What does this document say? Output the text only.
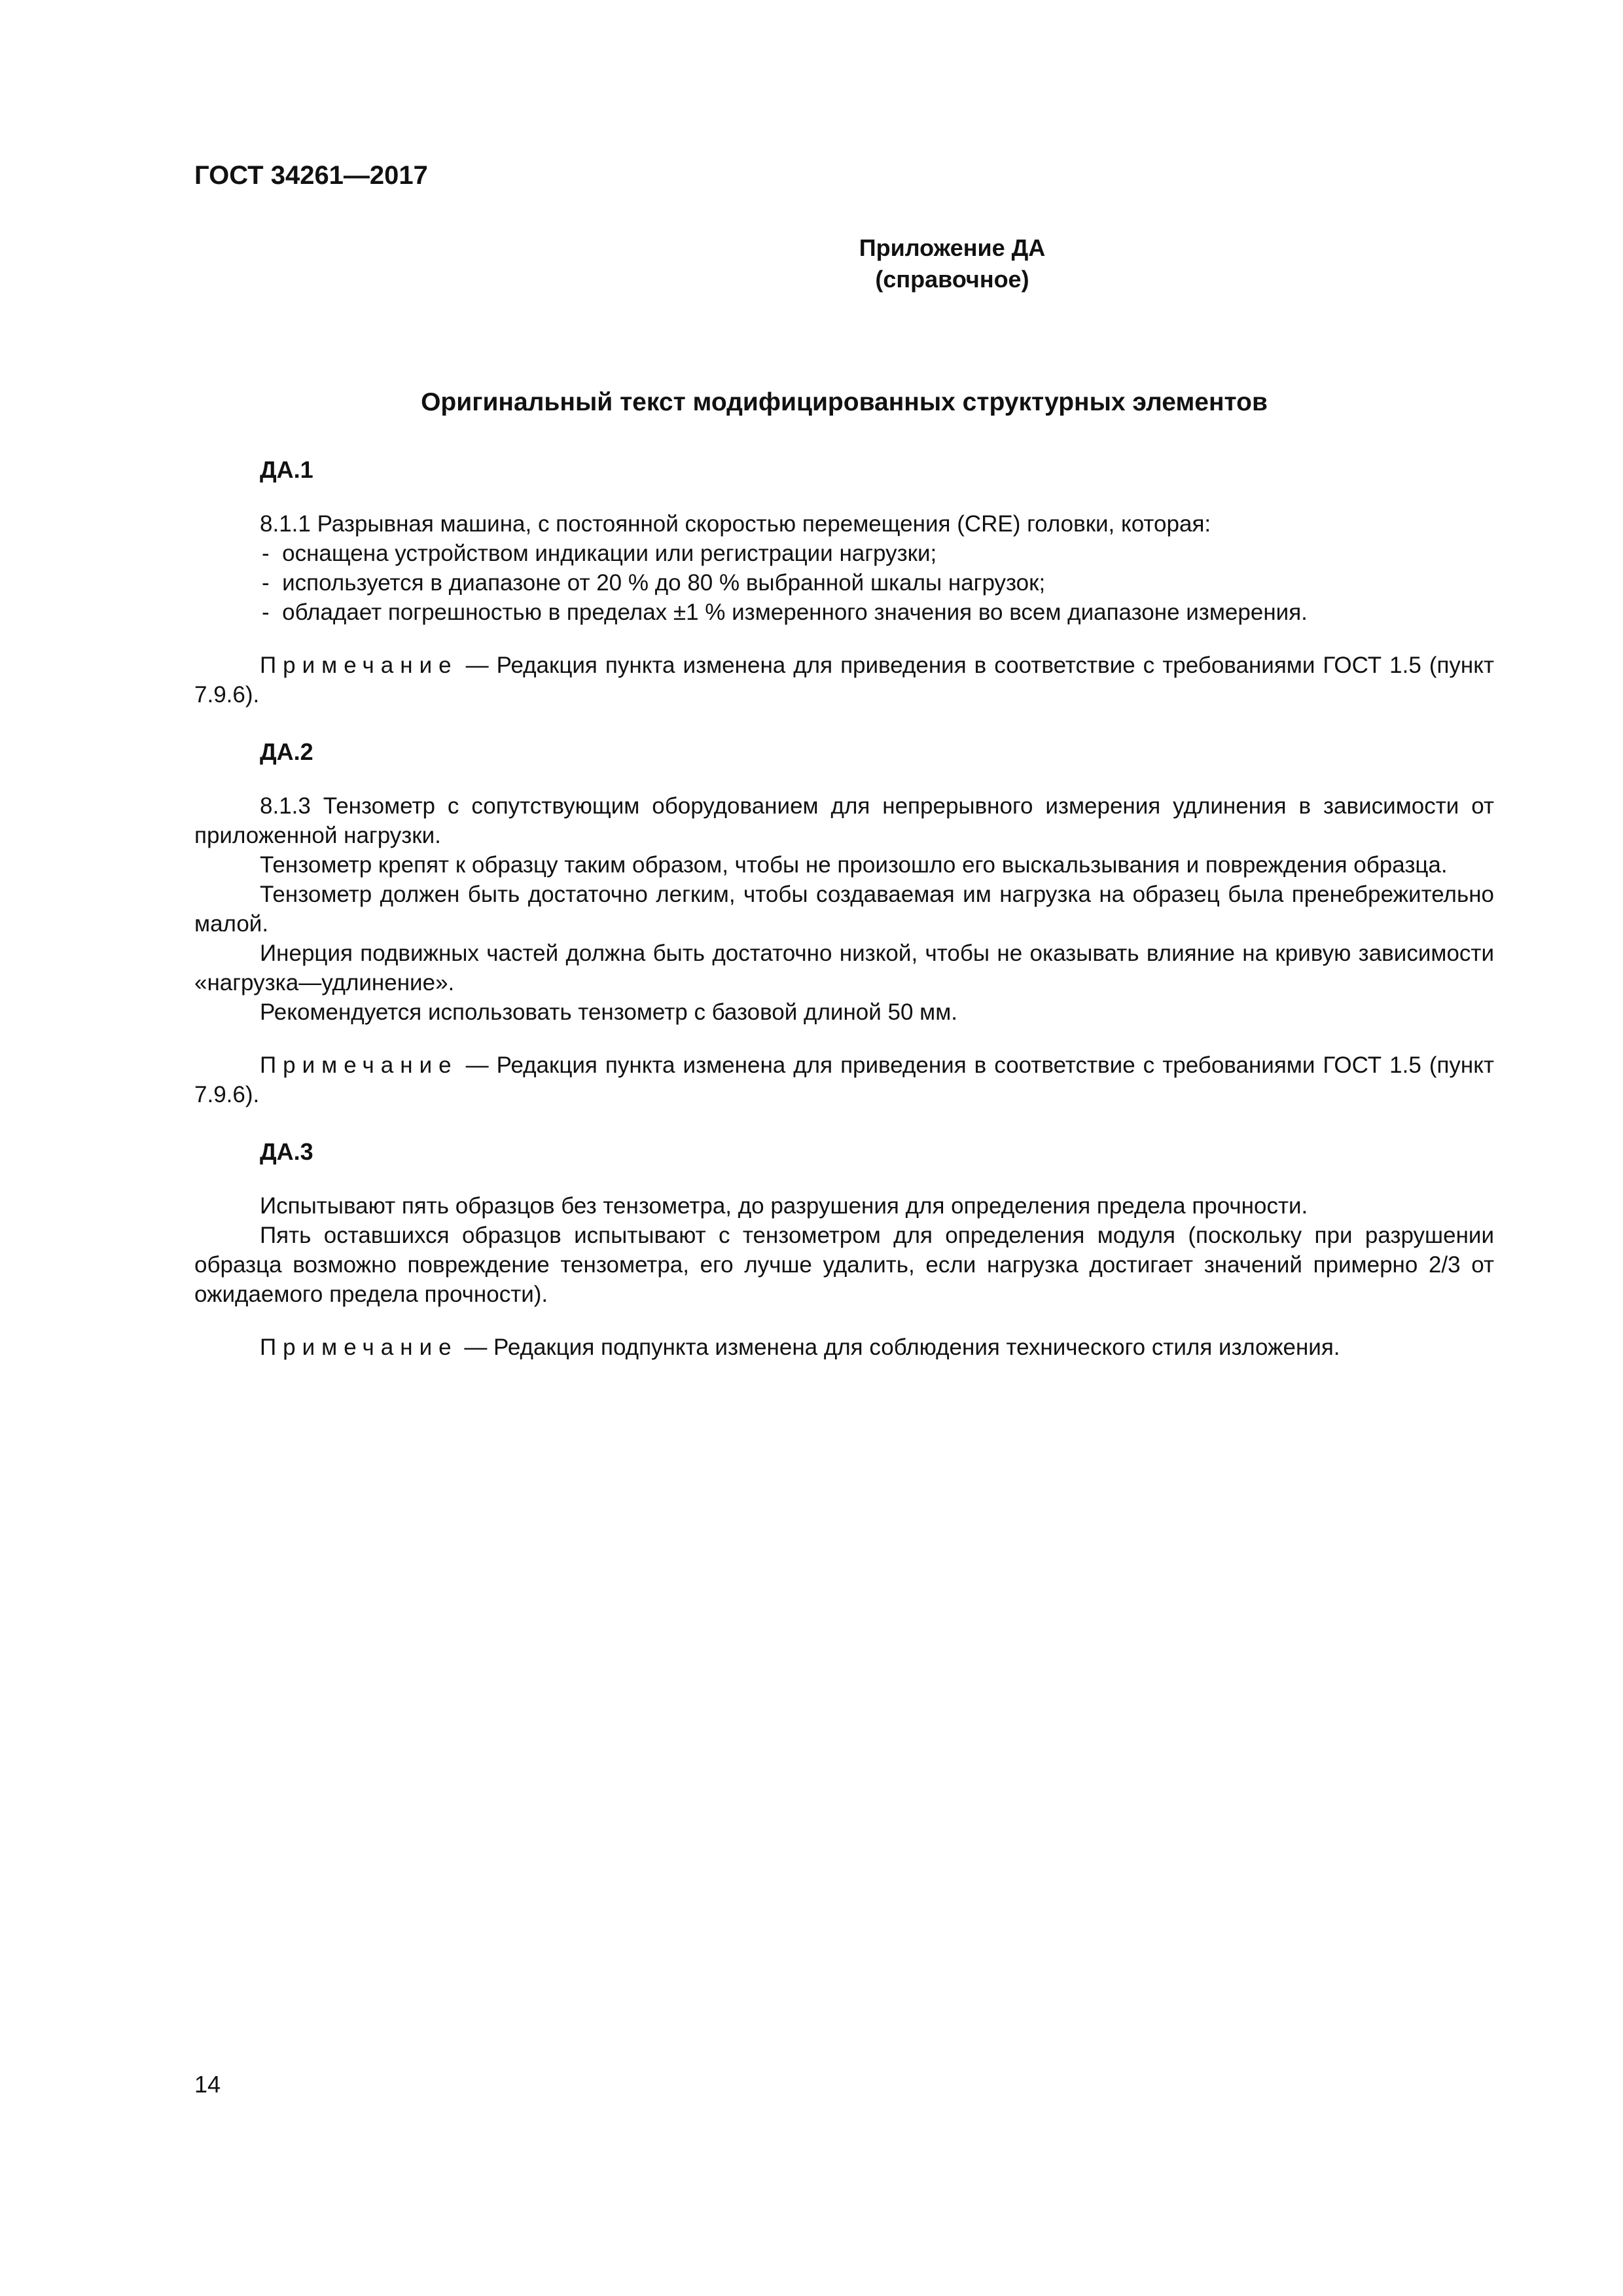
ГОСТ 34261—2017
Приложение ДА
(справочное)
Оригинальный текст модифицированных структурных элементов
ДА.1

8.1.1 Разрывная машина, с постоянной скоростью перемещения (CRE) головки, которая:

-  оснащена устройством индикации или регистрации нагрузки;
-  используется в диапазоне от 20 % до 80 % выбранной шкалы нагрузок;
-  обладает погрешностью в пределах ±1 % измеренного значения во всем диапазоне измерения.

Примечание — Редакция пункта изменена для приведения в соответствие с требованиями ГОСТ 1.5 (пункт 7.9.6).

ДА.2

8.1.3 Тензометр с сопутствующим оборудованием для непрерывного измерения удлинения в зависимости от приложенной нагрузки.

Тензометр крепят к образцу таким образом, чтобы не произошло его выскальзывания и повреждения образца.

Тензометр должен быть достаточно легким, чтобы создаваемая им нагрузка на образец была пренебрежительно малой.

Инерция подвижных частей должна быть достаточно низкой, чтобы не оказывать влияние на кривую зависимости «нагрузка—удлинение».

Рекомендуется использовать тензометр с базовой длиной 50 мм.

Примечание — Редакция пункта изменена для приведения в соответствие с требованиями ГОСТ 1.5 (пункт 7.9.6).

ДА.3

Испытывают пять образцов без тензометра, до разрушения для определения предела прочности.

Пять оставшихся образцов испытывают с тензометром для определения модуля (поскольку при разрушении образца возможно повреждение тензометра, его лучше удалить, если нагрузка достигает значений примерно 2/3 от ожидаемого предела прочности).

Примечание — Редакция подпункта изменена для соблюдения технического стиля изложения.

14
